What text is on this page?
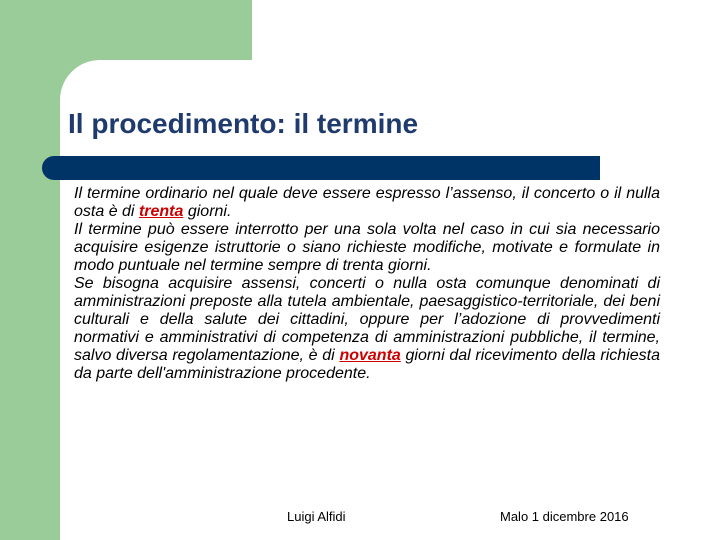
Il procedimento: il termine

Il termine ordinario nel quale deve essere espresso l’assenso, il concerto o il nulla osta è di trenta giorni.

Il termine può essere interrotto per una sola volta nel caso in cui sia necessario acquisire esigenze istruttorie o siano richieste modifiche, motivate e formulate in modo puntuale nel termine sempre di trenta giorni.

Se bisogna acquisire assensi, concerti o nulla osta comunque denominati di amministrazioni preposte alla tutela ambientale, paesaggistico-territoriale, dei beni culturali e della salute dei cittadini, oppure per l’adozione di provvedimenti normativi e amministrativi di competenza di amministrazioni pubbliche, il termine, salvo diversa regolamentazione, è di novanta giorni dal ricevimento della richiesta da parte dell'amministrazione procedente.

Luigi Alfidi	Malo 1 dicembre 2016
